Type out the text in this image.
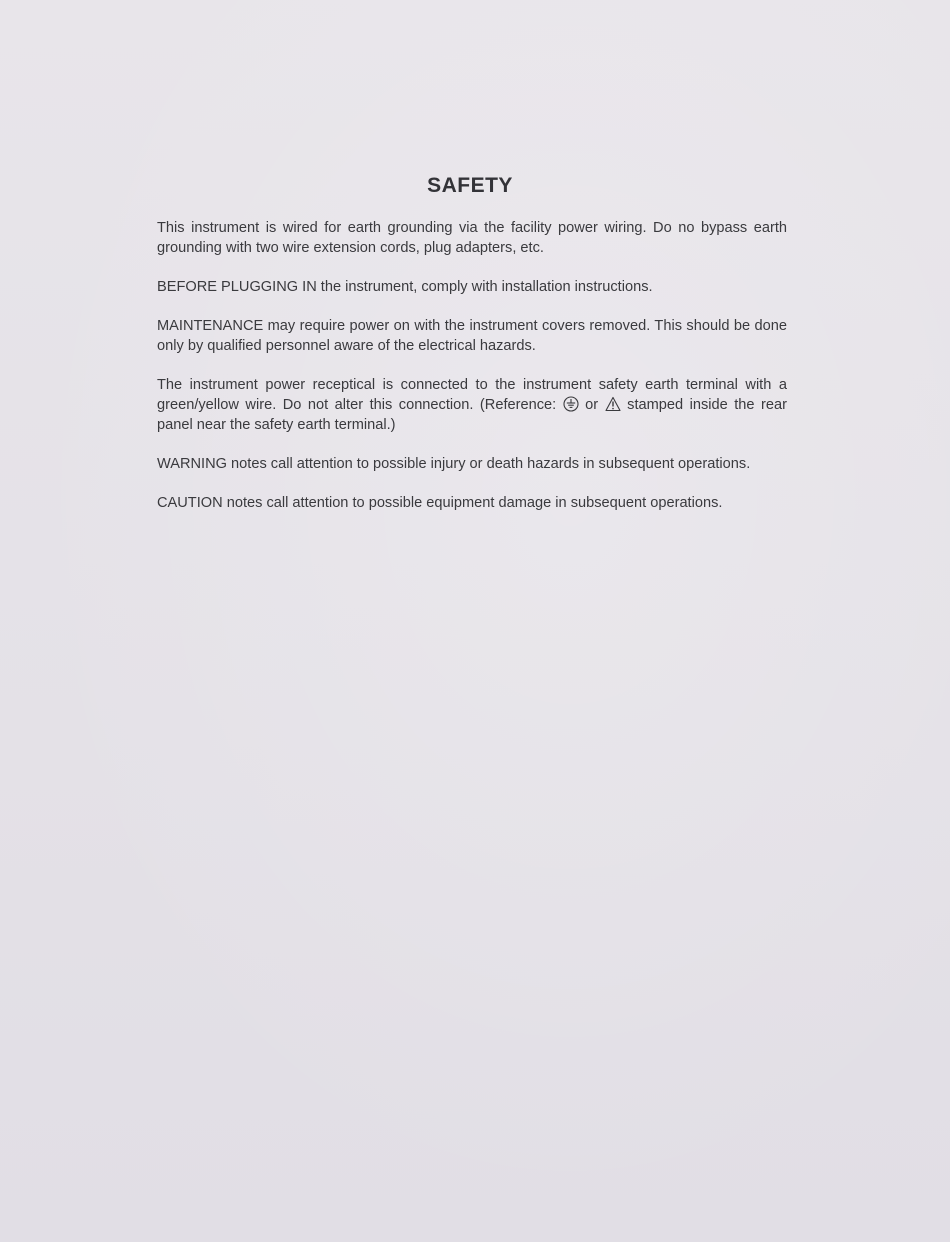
SAFETY

This instrument is wired for earth grounding via the facility power wiring. Do no bypass earth grounding with two wire extension cords, plug adapters, etc.

BEFORE PLUGGING IN the instrument, comply with installation instructions.

MAINTENANCE may require power on with the instrument covers removed. This should be done only by qualified personnel aware of the electrical hazards.

The instrument power receptical is connected to the instrument safety earth terminal with a green/yellow wire. Do not alter this connection. (Reference:
or
stamped inside the rear panel near the safety earth terminal.)

WARNING notes call attention to possible injury or death hazards in subsequent operations.

CAUTION notes call attention to possible equipment damage in subsequent operations.
